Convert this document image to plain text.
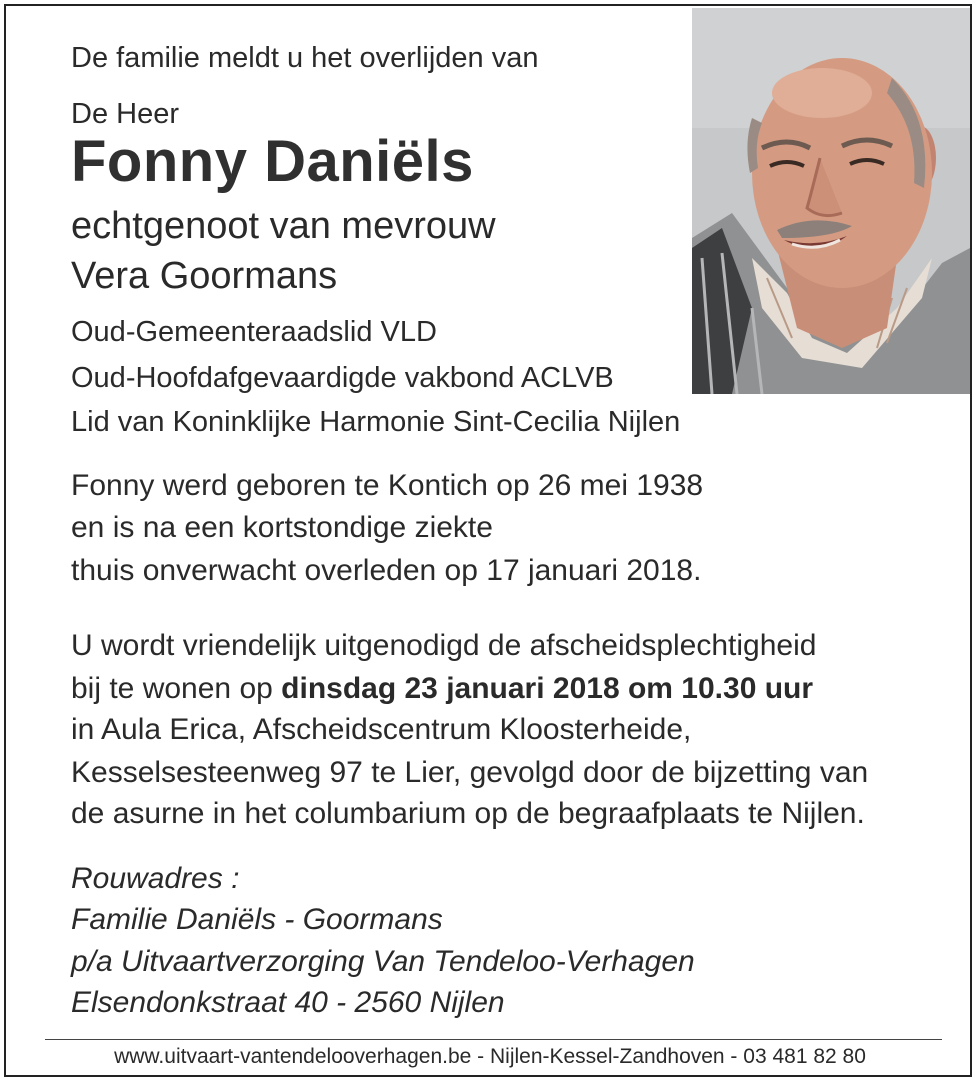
De familie meldt u het overlijden van

De Heer

Fonny Daniëls

echtgenoot van mevrouw

Vera Goormans

Oud-Gemeenteraadslid VLD

Oud-Hoofdafgevaardigde vakbond ACLVB

Lid van Koninklijke Harmonie Sint-Cecilia Nijlen

Fonny werd geboren te Kontich op 26 mei 1938

en is na een kortstondige ziekte

thuis onverwacht overleden op 17 januari 2018.

U wordt vriendelijk uitgenodigd de afscheidsplechtigheid

bij te wonen op dinsdag 23 januari 2018 om 10.30 uur

in Aula Erica, Afscheidscentrum Kloosterheide,

Kesselsesteenweg 97 te Lier, gevolgd door de bijzetting van

de asurne in het columbarium op de begraafplaats te Nijlen.

Rouwadres :

Familie Daniëls - Goormans

p/a Uitvaartverzorging Van Tendeloo-Verhagen

Elsendonkstraat 40 - 2560 Nijlen

www.uitvaart-vantendelooverhagen.be - Nijlen-Kessel-Zandhoven - 03 481 82 80
